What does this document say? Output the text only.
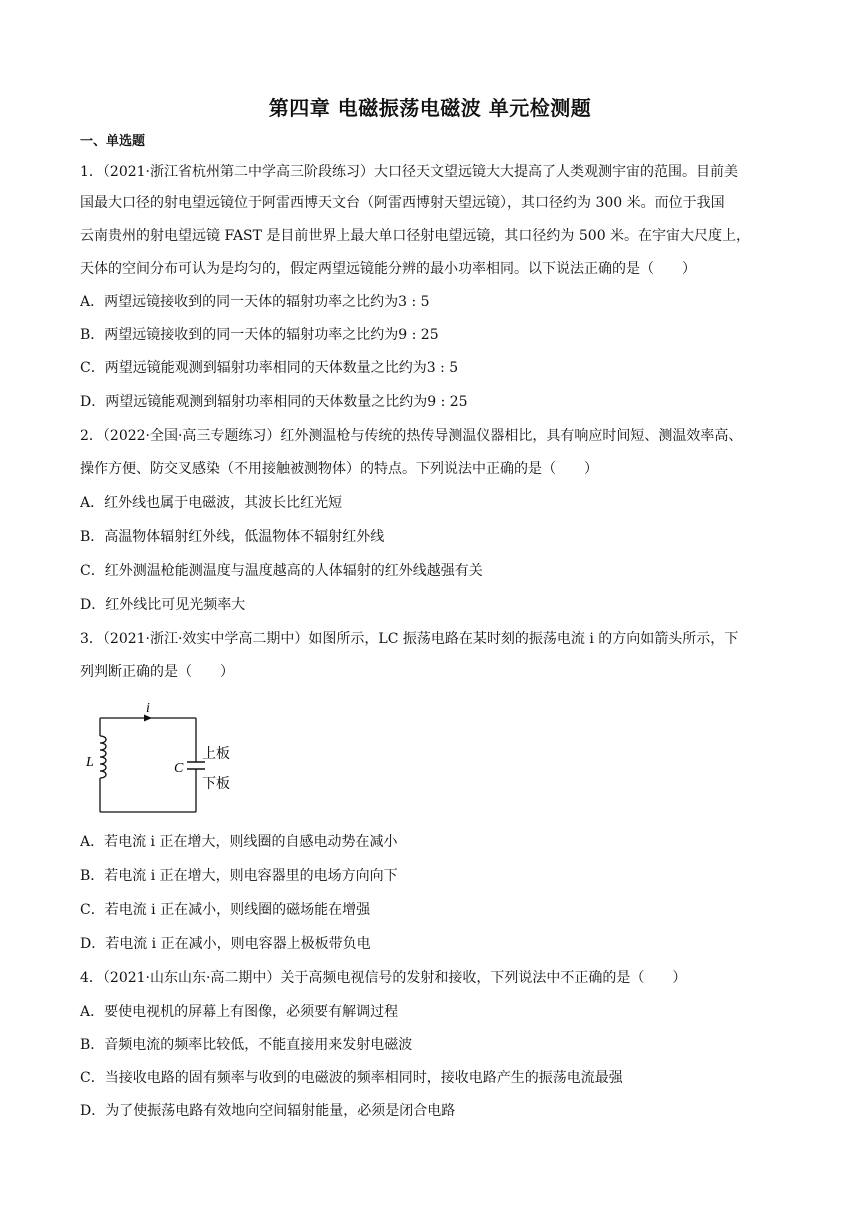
第四章 电磁振荡电磁波 单元检测题
一、单选题
1．（2021·浙江省杭州第二中学高三阶段练习）大口径天文望远镜大大提高了人类观测宇宙的范围。目前美
国最大口径的射电望远镜位于阿雷西博天文台（阿雷西博射天望远镜），其口径约为 300 米。而位于我国
云南贵州的射电望远镜 FAST 是目前世界上最大单口径射电望远镜，其口径约为 500 米。在宇宙大尺度上，
天体的空间分布可认为是均匀的，假定两望远镜能分辨的最小功率相同。以下说法正确的是（　　）
A．两望远镜接收到的同一天体的辐射功率之比约为3 : 5
B．两望远镜接收到的同一天体的辐射功率之比约为9 : 25
C．两望远镜能观测到辐射功率相同的天体数量之比约为3 : 5
D．两望远镜能观测到辐射功率相同的天体数量之比约为9 : 25
2．（2022·全国·高三专题练习）红外测温枪与传统的热传导测温仪器相比，具有响应时间短、测温效率高、
操作方便、防交叉感染（不用接触被测物体）的特点。下列说法中正确的是（　　）
A．红外线也属于电磁波，其波长比红光短
B．高温物体辐射红外线，低温物体不辐射红外线
C．红外测温枪能测温度与温度越高的人体辐射的红外线越强有关
D．红外线比可见光频率大
3．（2021·浙江·效实中学高二期中）如图所示，LC 振荡电路在某时刻的振荡电流 i 的方向如箭头所示，下
列判断正确的是（　　）
i
L	C
上板
下板
A．若电流 i 正在增大，则线圈的自感电动势在减小
B．若电流 i 正在增大，则电容器里的电场方向向下
C．若电流 i 正在减小，则线圈的磁场能在增强
D．若电流 i 正在减小，则电容器上极板带负电
4．（2021·山东山东·高二期中）关于高频电视信号的发射和接收，下列说法中不正确的是（　　）
A．要使电视机的屏幕上有图像，必须要有解调过程
B．音频电流的频率比较低，不能直接用来发射电磁波
C．当接收电路的固有频率与收到的电磁波的频率相同时，接收电路产生的振荡电流最强
D．为了使振荡电路有效地向空间辐射能量，必须是闭合电路
